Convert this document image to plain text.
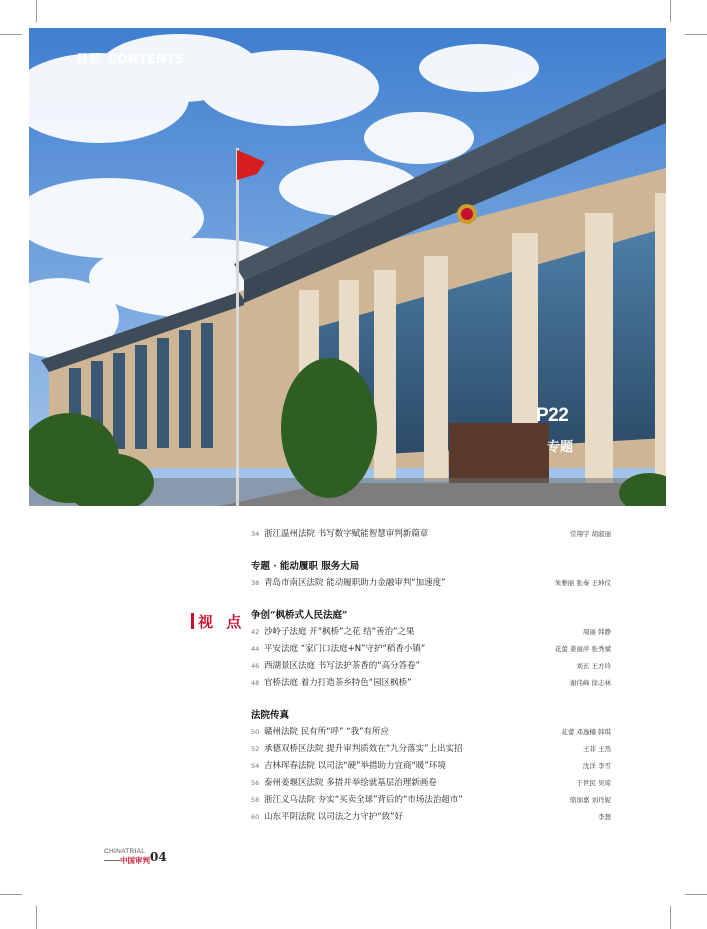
目录 CONTENTS
P22
专题
视 点
34 浙江温州法院 书写数字赋能智慧审判新篇章	常翔宇 胡淑丽
专题 · 能动履职 服务大局
38 青岛市南区法院 能动履职助力金融审判“加速度”	朱雅丽 张秦 王坤仪
争创“枫桥式人民法庭”
42 沙岭子法庭 开“枫桥”之花 结“善治”之果	周丽 韩静
44 平安法庭 “家门口法庭+N”守护“稻香小镇”	花蕾 姜丽萍 张秀斌
46 西湖景区法庭 书写法护茶香的“高分答卷”	刘玄 王方玲
48 官桥法庭 着力打造茶乡特色“园区枫桥”	谢伟峰 徐志林
法院传真
50 赣州法院 民有所“呼” “我”有所应	花蕾 邓逸楠 韩琪
52 承德双桥区法院 提升审判质效在“九分落实”上出实招	王菲 王然
54 吉林珲春法院 以司法“硬”举措助力宜商“暖”环境	沈洋 李雪
56 泰州姜堰区法院 多措并举绘就基层治理新画卷	于世民 吴琼
58 浙江义乌法院 夯实“买卖全球”背后的“市场法治超市”	骆加嘉 刘丹妮
60 山东平阴法院 以司法之力守护“致”好	李想
CHINATRIAL
中国审判 04
